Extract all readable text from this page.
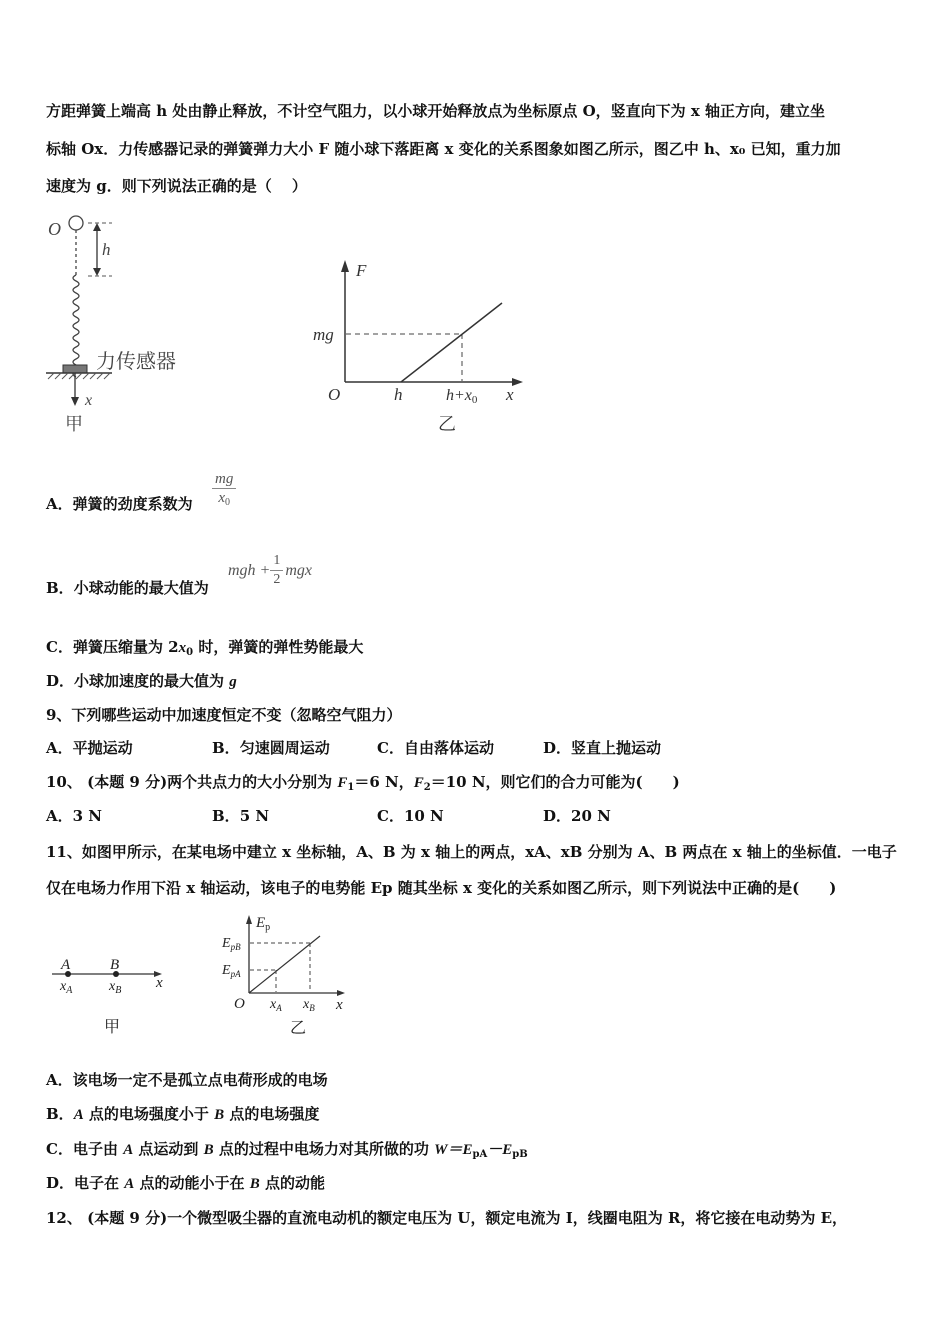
方距弹簧上端高 h 处由静止释放，不计空气阻力，以小球开始释放点为坐标原点 O，竖直向下为 x 轴正方向，建立坐
标轴 Ox．力传感器记录的弹簧弹力大小 F 随小球下落距离 x 变化的关系图象如图乙所示，图乙中 h、x₀ 已知，重力加
速度为 g．则下列说法正确的是（　 ）
O
h
力传感器
x
甲
F
x
O
mg
h	h+x0
乙
A．弹簧的劲度系数为 $\frac{mg}{x_0}$
B．小球动能的最大值为
mgh + $\frac{1}{2}$ mgx
C．弹簧压缩量为 $2x_0$ 时，弹簧的弹性势能最大
D．小球加速度的最大值为 g
9、下列哪些运动中加速度恒定不变（忽略空气阻力）
A．平抛运动	B．匀速圆周运动	C．自由落体运动	D．竖直上抛运动
10、 (本题 9 分)两个共点力的大小分别为 $F_1=6$ N，$F_2=10$ N，则它们的合力可能为(　　)
A．3 N	B．5 N	C．10 N	D．20 N
11、如图甲所示，在某电场中建立 x 坐标轴，A、B 为 x 轴上的两点，xA、xB 分别为 A、B 两点在 x 轴上的坐标值．一电子
仅在电场力作用下沿 x 轴运动，该电子的电势能 Ep 随其坐标 x 变化的关系如图乙所示，则下列说法中正确的是(　　)
A	B
$x_A$	$x_B$ x
甲
$E_p$
x
O
$E_{pB}$
$E_{pA}$
$x_A$ $x_B$
乙
A．该电场一定不是孤立点电荷形成的电场
B．A 点的电场强度小于 B 点的电场强度
C．电子由 A 点运动到 B 点的过程中电场力对其所做的功 $W=E_{pA}-E_{pB}$
D．电子在 A 点的动能小于在 B 点的动能
12、 (本题 9 分)一个微型吸尘器的直流电动机的额定电压为 U，额定电流为 I，线圈电阻为 R，将它接在电动势为 E，
